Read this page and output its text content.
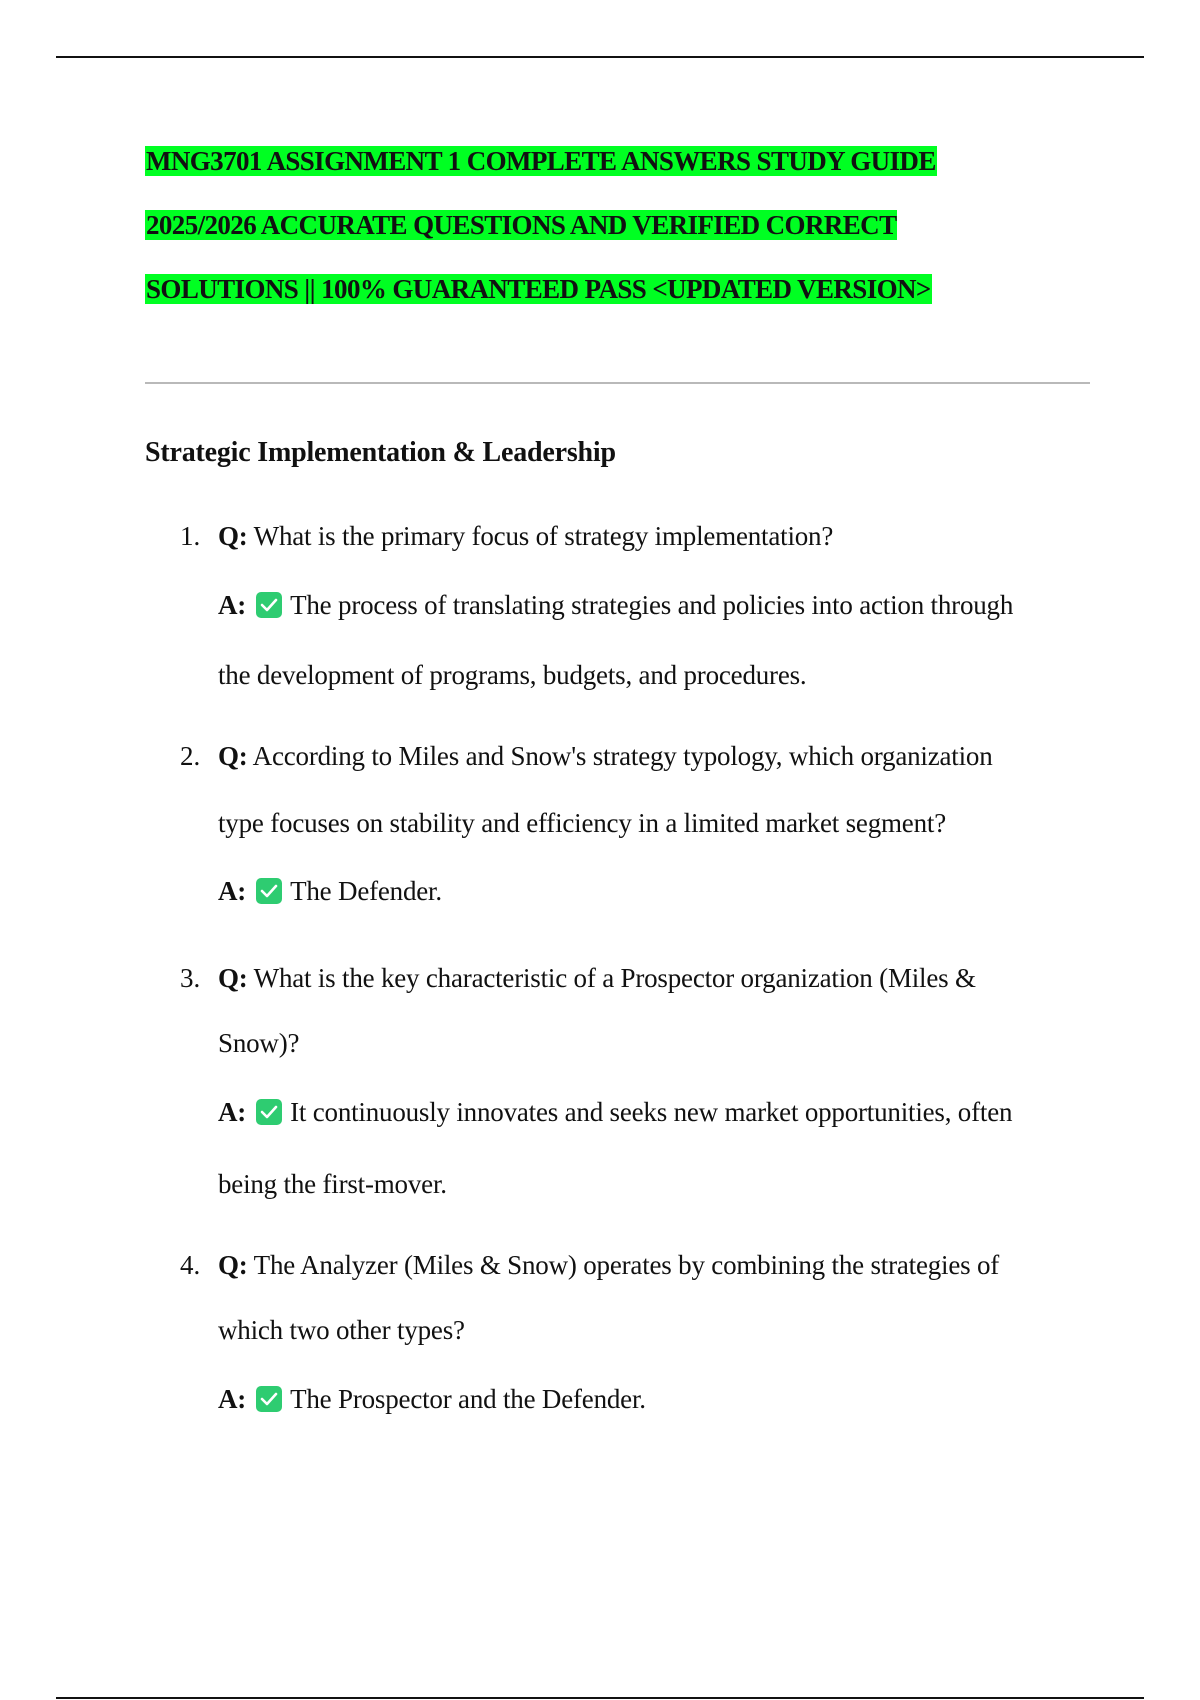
MNG3701 ASSIGNMENT 1 COMPLETE ANSWERS STUDY GUIDE
2025/2026 ACCURATE QUESTIONS AND VERIFIED CORRECT
SOLUTIONS || 100% GUARANTEED PASS <UPDATED VERSION>
Strategic Implementation & Leadership
1. Q: What is the primary focus of strategy implementation?
A: The process of translating strategies and policies into action through
the development of programs, budgets, and procedures.
2. Q: According to Miles and Snow's strategy typology, which organization
type focuses on stability and efficiency in a limited market segment?
A: The Defender.
3. Q: What is the key characteristic of a Prospector organization (Miles &
Snow)?
A: It continuously innovates and seeks new market opportunities, often
being the first-mover.
4. Q: The Analyzer (Miles & Snow) operates by combining the strategies of
which two other types?
A: The Prospector and the Defender.
